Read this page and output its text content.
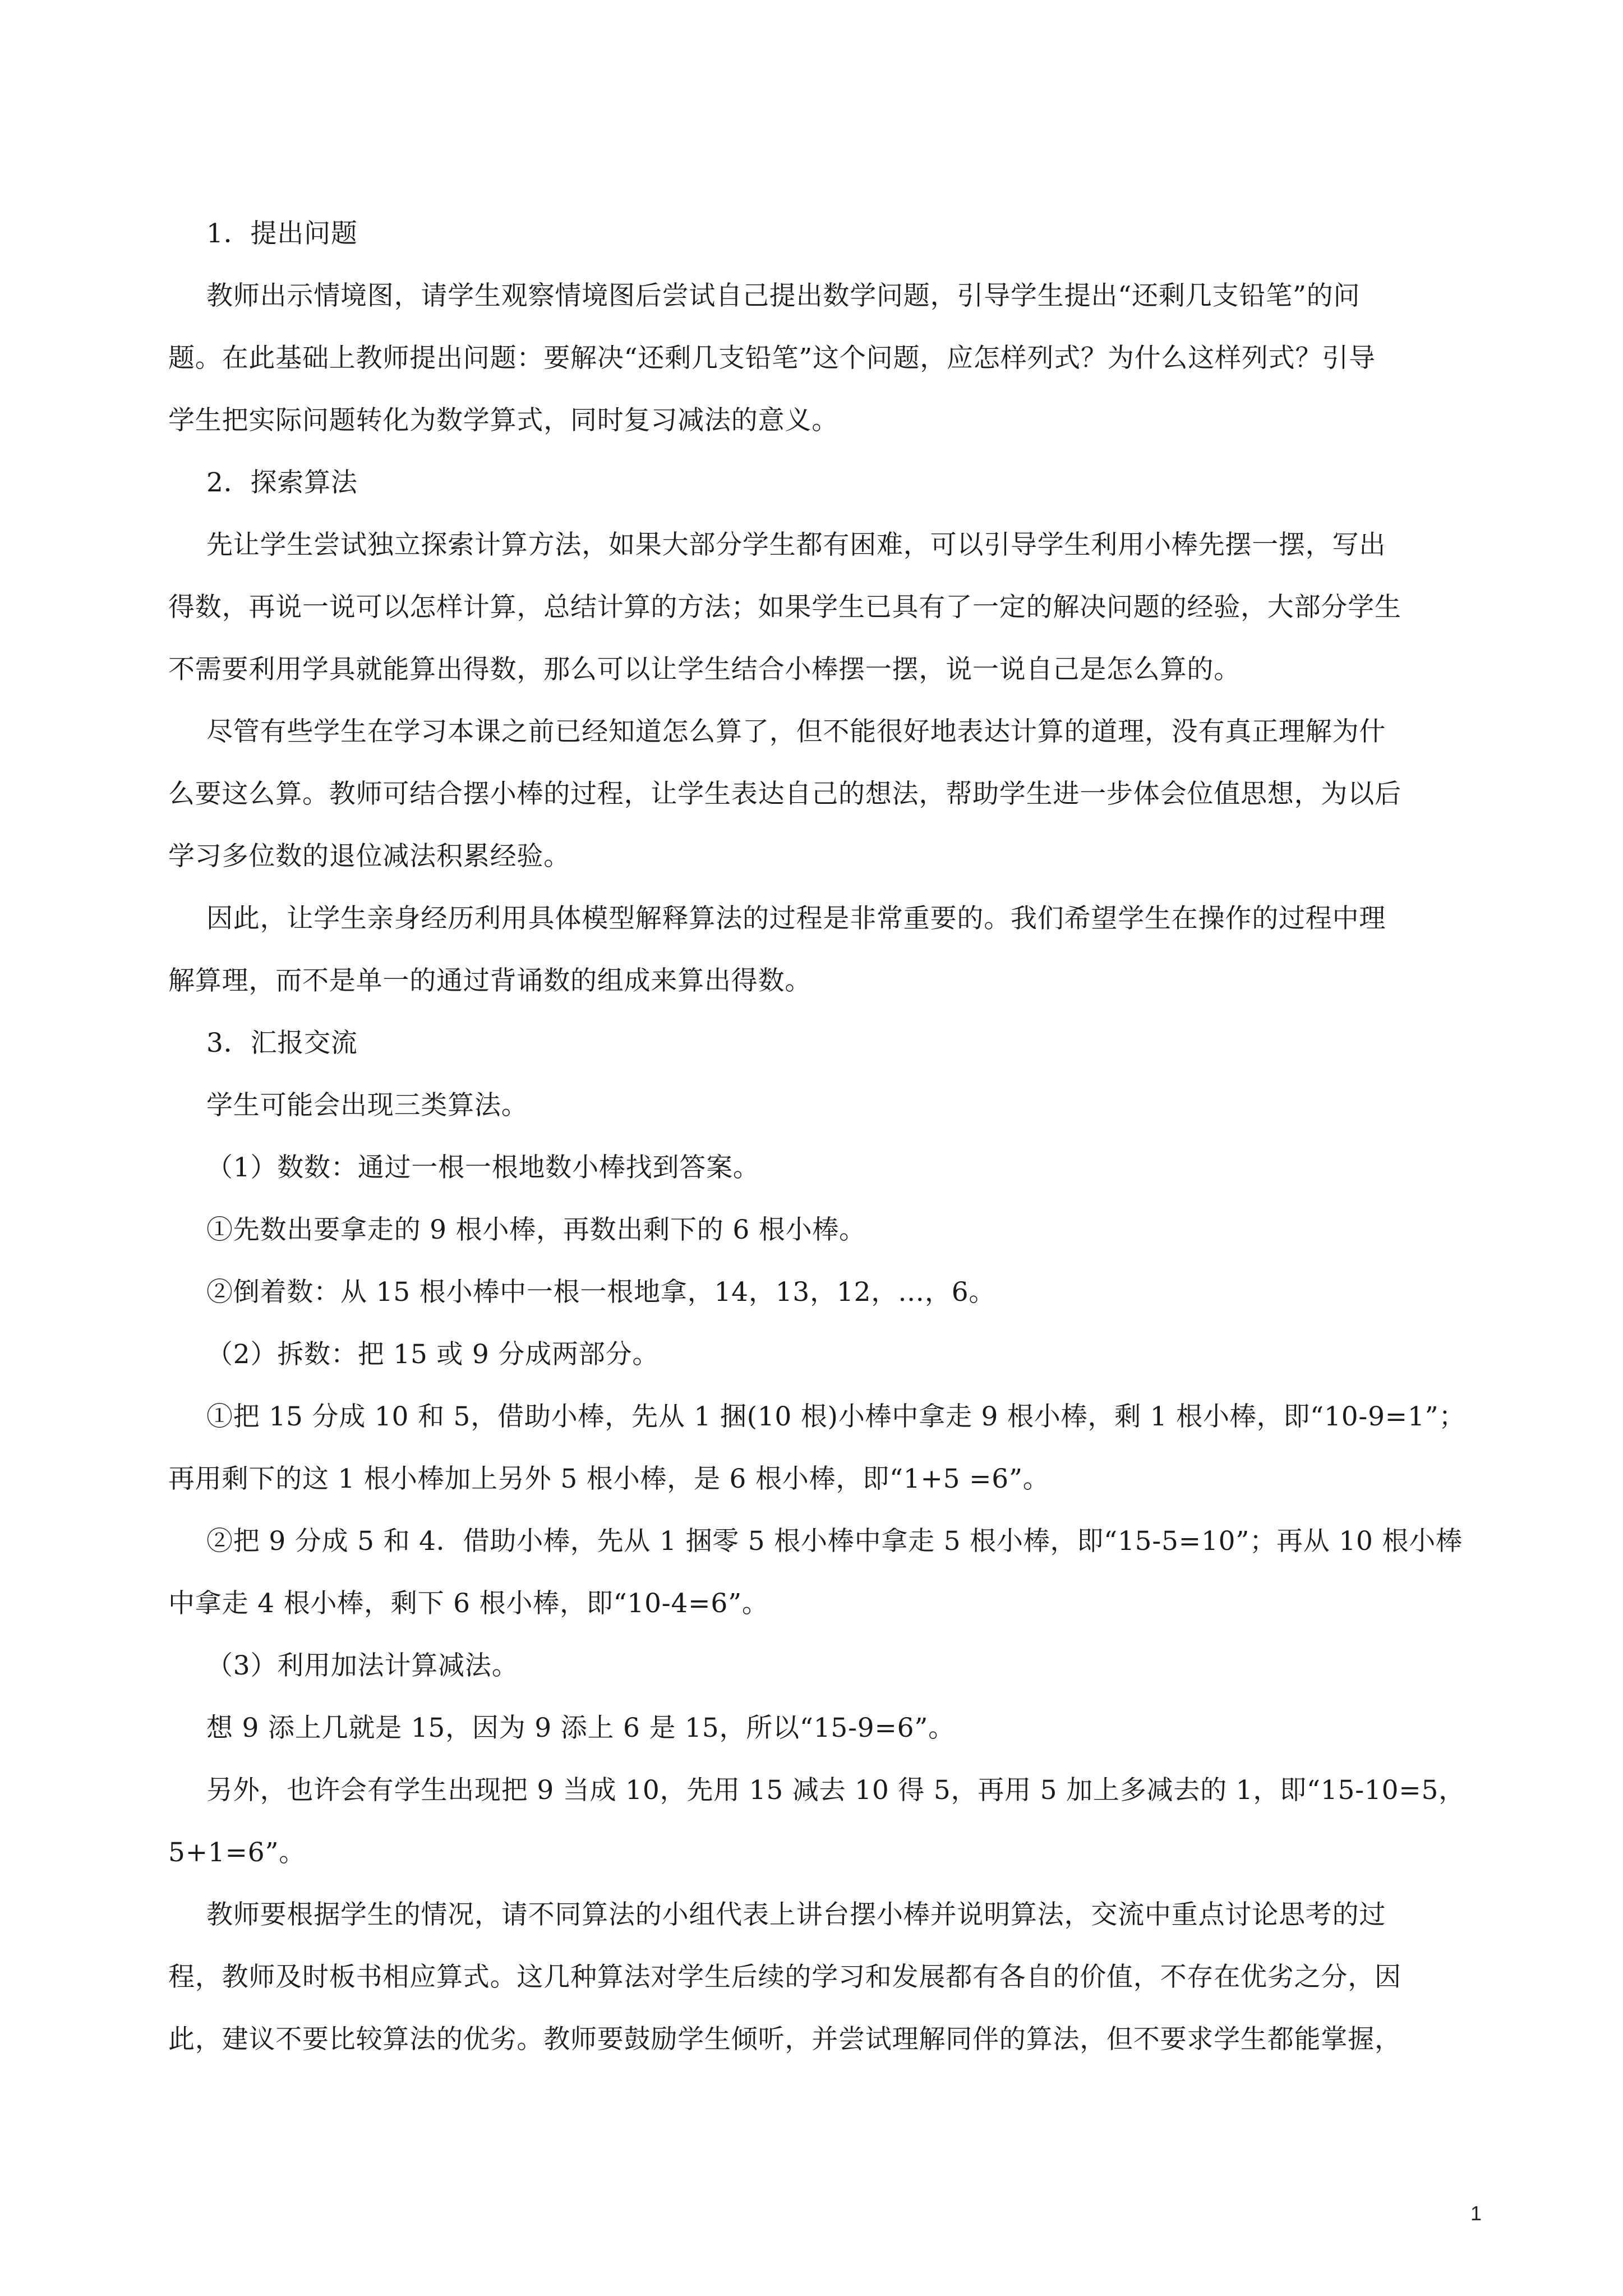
1．提出问题

教师出示情境图，请学生观察情境图后尝试自己提出数学问题，引导学生提出“还剩几支铅笔”的问

题。在此基础上教师提出问题：要解决“还剩几支铅笔”这个问题，应怎样列式？为什么这样列式？引导

学生把实际问题转化为数学算式，同时复习减法的意义。

2．探索算法

先让学生尝试独立探索计算方法，如果大部分学生都有困难，可以引导学生利用小棒先摆一摆，写出

得数，再说一说可以怎样计算，总结计算的方法；如果学生已具有了一定的解决问题的经验，大部分学生

不需要利用学具就能算出得数，那么可以让学生结合小棒摆一摆，说一说自己是怎么算的。

尽管有些学生在学习本课之前已经知道怎么算了，但不能很好地表达计算的道理，没有真正理解为什

么要这么算。教师可结合摆小棒的过程，让学生表达自己的想法，帮助学生进一步体会位值思想，为以后

学习多位数的退位减法积累经验。

因此，让学生亲身经历利用具体模型解释算法的过程是非常重要的。我们希望学生在操作的过程中理

解算理，而不是单一的通过背诵数的组成来算出得数。

3．汇报交流

学生可能会出现三类算法。

（1）数数：通过一根一根地数小棒找到答案。

①先数出要拿走的 9 根小棒，再数出剩下的 6 根小棒。

②倒着数：从 15 根小棒中一根一根地拿，14，13，12，…，6。

（2）拆数：把 15 或 9 分成两部分。

①把 15 分成 10 和 5，借助小棒，先从 1 捆(10 根)小棒中拿走 9 根小棒，剩 1 根小棒，即“10-9=1”；

再用剩下的这 1 根小棒加上另外 5 根小棒，是 6 根小棒，即“1+5 =6”。

②把 9 分成 5 和 4．借助小棒，先从 1 捆零 5 根小棒中拿走 5 根小棒，即“15-5=10”；再从 10 根小棒

中拿走 4 根小棒，剩下 6 根小棒，即“10-4=6”。

（3）利用加法计算减法。

想 9 添上几就是 15，因为 9 添上 6 是 15，所以“15-9=6”。

另外，也许会有学生出现把 9 当成 10，先用 15 减去 10 得 5，再用 5 加上多减去的 1，即“15-10=5，

5+1=6”。

教师要根据学生的情况，请不同算法的小组代表上讲台摆小棒并说明算法，交流中重点讨论思考的过

程，教师及时板书相应算式。这几种算法对学生后续的学习和发展都有各自的价值，不存在优劣之分，因

此，建议不要比较算法的优劣。教师要鼓励学生倾听，并尝试理解同伴的算法，但不要求学生都能掌握，

1
